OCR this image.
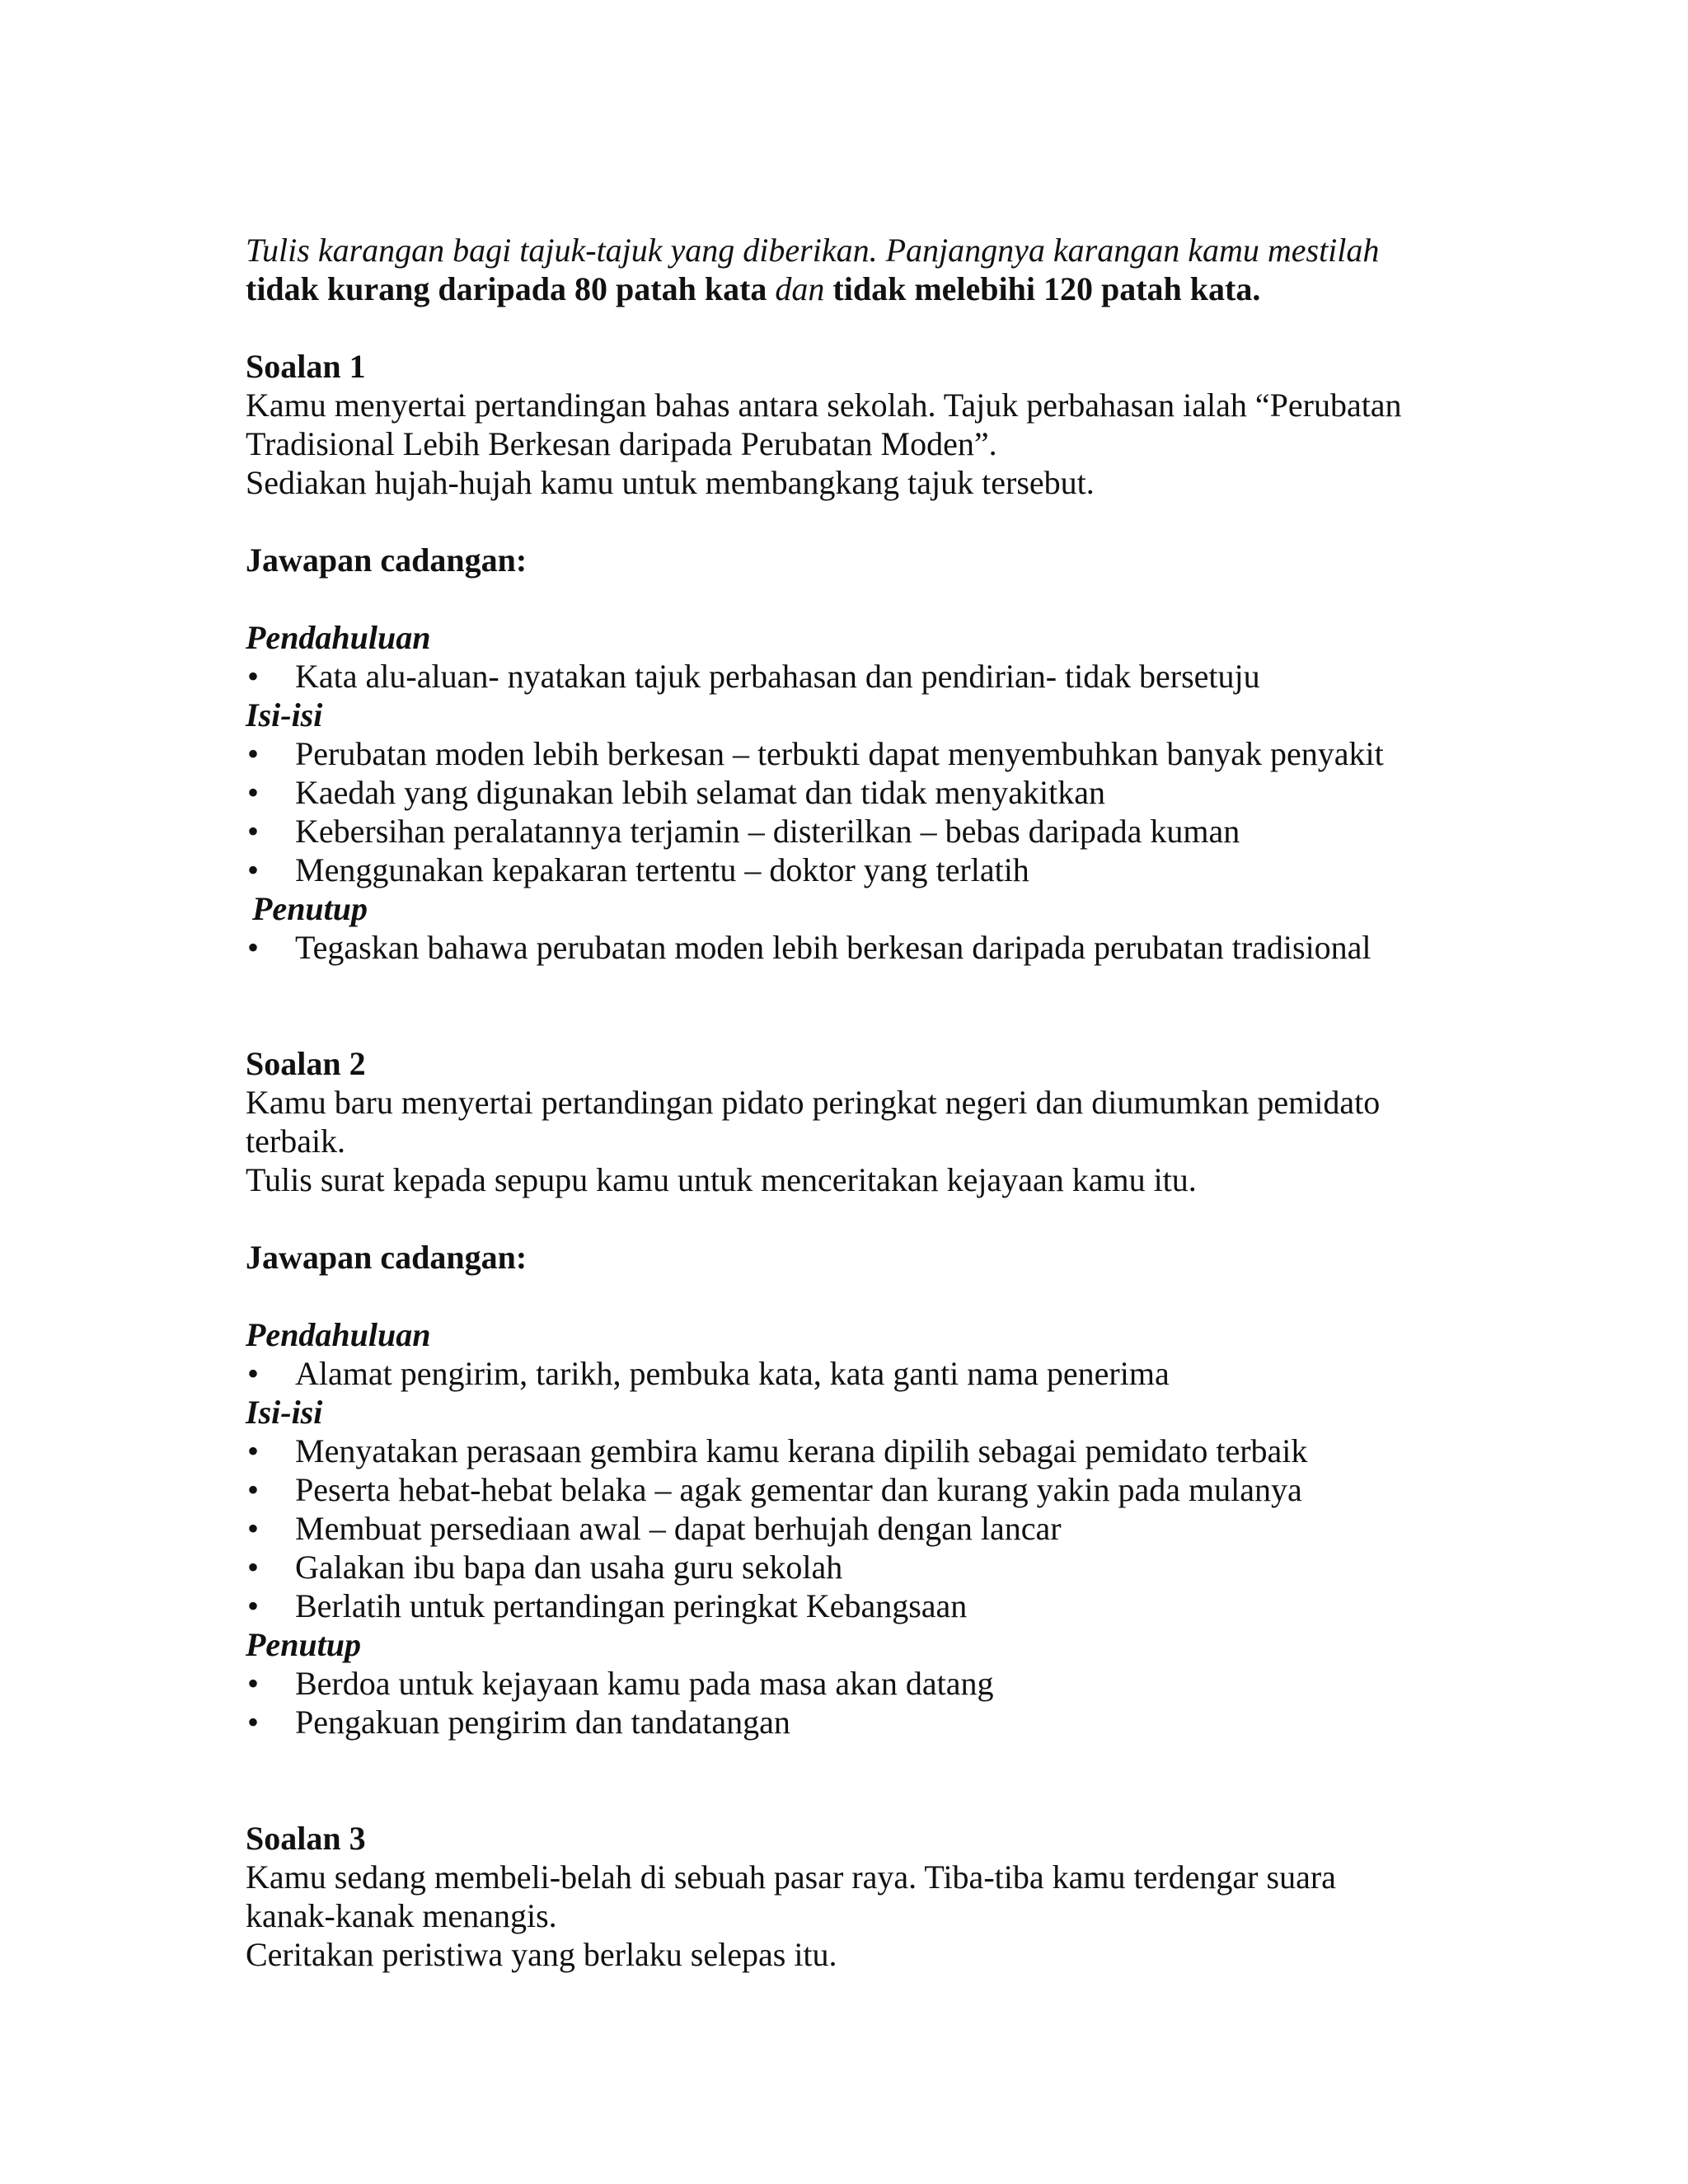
Tulis karangan bagi tajuk-tajuk yang diberikan. Panjangnya karangan kamu mestilah

tidak kurang daripada 80 patah kata dan tidak melebihi 120 patah kata.

Soalan 1

Kamu menyertai pertandingan bahas antara sekolah. Tajuk perbahasan ialah “Perubatan

Tradisional Lebih Berkesan daripada Perubatan Moden”.

Sediakan hujah-hujah kamu untuk membangkang tajuk tersebut.

Jawapan cadangan:

Pendahuluan

• Kata alu-aluan- nyatakan tajuk perbahasan dan pendirian- tidak bersetuju

Isi-isi

• Perubatan moden lebih berkesan – terbukti dapat menyembuhkan banyak penyakit
• Kaedah yang digunakan lebih selamat dan tidak menyakitkan
• Kebersihan peralatannya terjamin – disterilkan – bebas daripada kuman
• Menggunakan kepakaran tertentu – doktor yang terlatih

Penutup

• Tegaskan bahawa perubatan moden lebih berkesan daripada perubatan tradisional

Soalan 2

Kamu baru menyertai pertandingan pidato peringkat negeri dan diumumkan pemidato

terbaik.

Tulis surat kepada sepupu kamu untuk menceritakan kejayaan kamu itu.

Jawapan cadangan:

Pendahuluan

• Alamat pengirim, tarikh, pembuka kata, kata ganti nama penerima

Isi-isi

• Menyatakan perasaan gembira kamu kerana dipilih sebagai pemidato terbaik
• Peserta hebat-hebat belaka – agak gementar dan kurang yakin pada mulanya
• Membuat persediaan awal – dapat berhujah dengan lancar
• Galakan ibu bapa dan usaha guru sekolah
• Berlatih untuk pertandingan peringkat Kebangsaan

Penutup

• Berdoa untuk kejayaan kamu pada masa akan datang
• Pengakuan pengirim dan tandatangan

Soalan 3

Kamu sedang membeli-belah di sebuah pasar raya. Tiba-tiba kamu terdengar suara

kanak-kanak menangis.

Ceritakan peristiwa yang berlaku selepas itu.
